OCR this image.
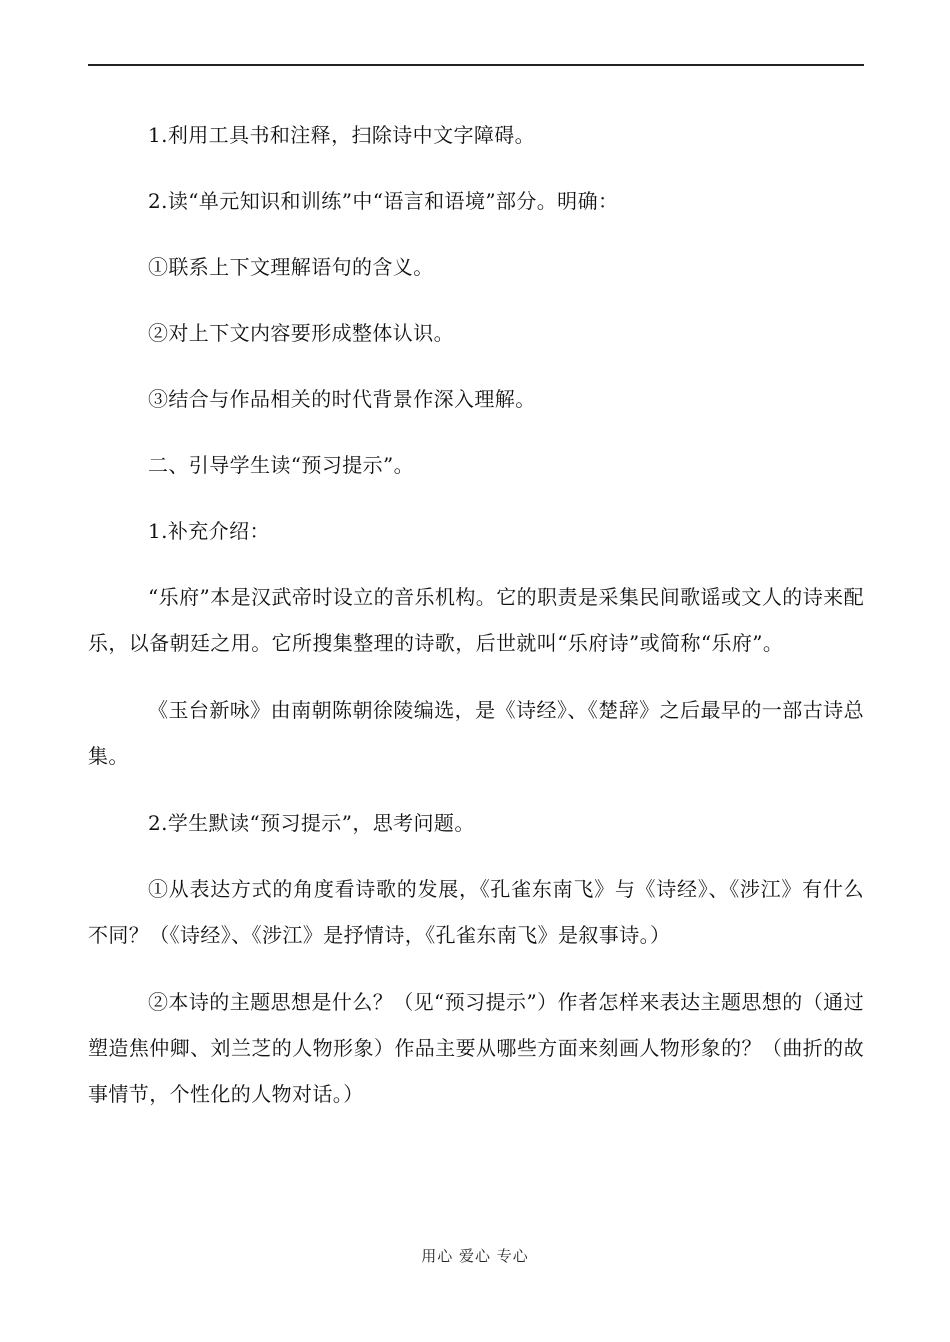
1.利用工具书和注释，扫除诗中文字障碍。

2.读“单元知识和训练”中“语言和语境”部分。明确：

①联系上下文理解语句的含义。

②对上下文内容要形成整体认识。

③结合与作品相关的时代背景作深入理解。

二、引导学生读“预习提示”。

1.补充介绍：

“乐府”本是汉武帝时设立的音乐机构。它的职责是采集民间歌谣或文人的诗来配乐，以备朝廷之用。它所搜集整理的诗歌，后世就叫“乐府诗”或简称“乐府”。

《玉台新咏》由南朝陈朝徐陵编选，是《诗经》、《楚辞》之后最早的一部古诗总集。

2.学生默读“预习提示”，思考问题。

①从表达方式的角度看诗歌的发展，《孔雀东南飞》与《诗经》、《涉江》有什么不同？（《诗经》、《涉江》是抒情诗，《孔雀东南飞》是叙事诗。）

②本诗的主题思想是什么？（见“预习提示”）作者怎样来表达主题思想的（通过塑造焦仲卿、刘兰芝的人物形象）作品主要从哪些方面来刻画人物形象的？（曲折的故事情节，个性化的人物对话。）

用心 爱心 专心
